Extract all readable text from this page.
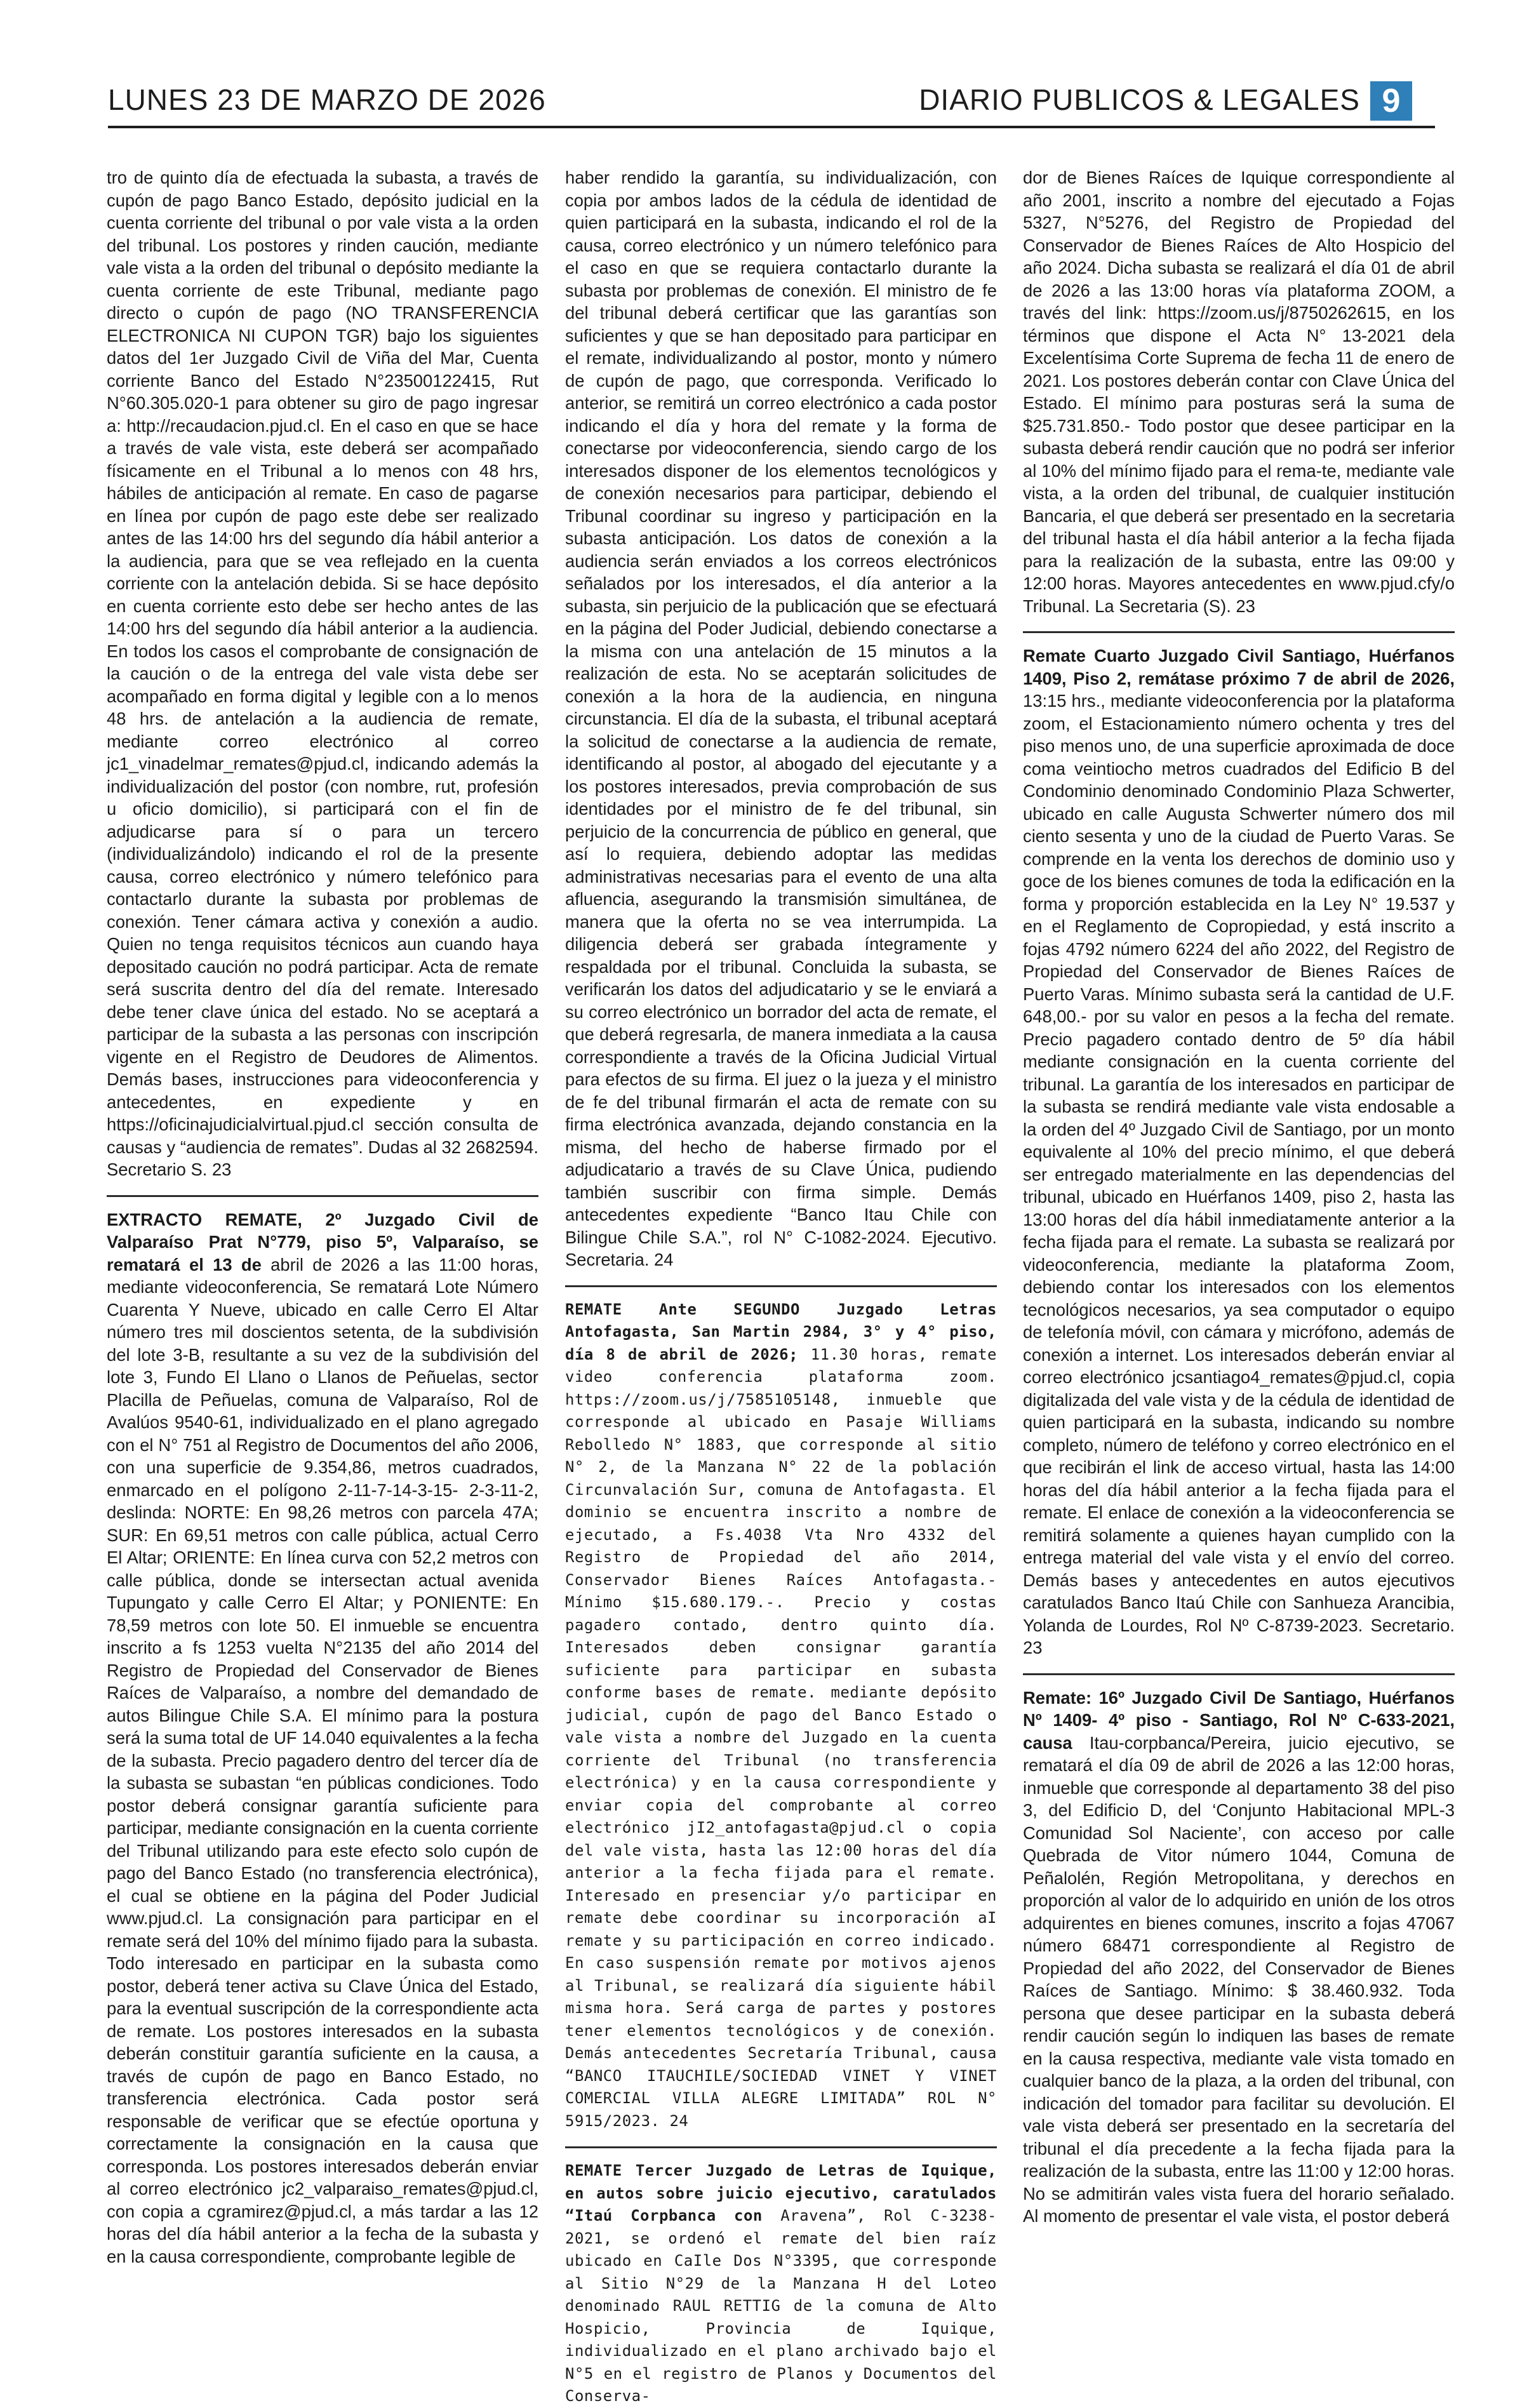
LUNES 23 DE MARZO DE 2026	DIARIO PUBLICOS & LEGALES 9

tro de quinto día de efectuada la subasta, a través de cupón de pago Banco Estado, depósito judicial en la cuenta corriente del tribunal o por vale vista a la orden del tribunal. Los postores y rinden caución, mediante vale vista a la orden del tribunal o depósito mediante la cuenta corriente de este Tribunal, mediante pago directo o cupón de pago (NO TRANSFERENCIA ELECTRONICA NI CUPON TGR) bajo los siguientes datos del 1er Juzgado Civil de Viña del Mar, Cuenta corriente Banco del Estado N°23500122415, Rut N°60.305.020-1 para obtener su giro de pago ingresar a: http://recaudacion.pjud.cl. En el caso en que se hace a través de vale vista, este deberá ser acompañado físicamente en el Tribunal a lo menos con 48 hrs, hábiles de anticipación al remate. En caso de pagarse en línea por cupón de pago este debe ser realizado antes de las 14:00 hrs del segundo día hábil anterior a la audiencia, para que se vea reflejado en la cuenta corriente con la antelación debida. Si se hace depósito en cuenta corriente esto debe ser hecho antes de las 14:00 hrs del segundo día hábil anterior a la audiencia. En todos los casos el comprobante de consignación de la caución o de la entrega del vale vista debe ser acompañado en forma digital y legible con a lo menos 48 hrs. de antelación a la audiencia de remate, mediante correo electrónico al correo jc1_vinadelmar_remates@pjud.cl, indicando además la individualización del postor (con nombre, rut, profesión u oficio domicilio), si participará con el fin de adjudicarse para sí o para un tercero (individualizándolo) indicando el rol de la presente causa, correo electrónico y número telefónico para contactarlo durante la subasta por problemas de conexión. Tener cámara activa y conexión a audio. Quien no tenga requisitos técnicos aun cuando haya depositado caución no podrá participar. Acta de remate será suscrita dentro del día del remate. Interesado debe tener clave única del estado. No se aceptará a participar de la subasta a las personas con inscripción vigente en el Registro de Deudores de Alimentos. Demás bases, instrucciones para videoconferencia y antecedentes, en expediente y en https://oficinajudicialvirtual.pjud.cl sección consulta de causas y “audiencia de remates”. Dudas al 32 2682594. Secretario S. 23

EXTRACTO REMATE, 2º Juzgado Civil de Valparaíso Prat N°779, piso 5º, Valparaíso, se rematará el 13 de abril de 2026 a las 11:00 horas, mediante videoconferencia, Se rematará Lote Número Cuarenta Y Nueve, ubicado en calle Cerro El Altar número tres mil doscientos setenta, de la subdivisión del lote 3-B, resultante a su vez de la subdivisión del lote 3, Fundo El Llano o Llanos de Peñuelas, sector Placilla de Peñuelas, comuna de Valparaíso, Rol de Avalúos 9540-61, individualizado en el plano agregado con el N° 751 al Registro de Documentos del año 2006, con una superficie de 9.354,86, metros cuadrados, enmarcado en el polígono 2-11-7-14-3-15- 2-3-11-2, deslinda: NORTE: En 98,26 metros con parcela 47A; SUR: En 69,51 metros con calle pública, actual Cerro El Altar; ORIENTE: En línea curva con 52,2 metros con calle pública, donde se intersectan actual avenida Tupungato y calle Cerro El Altar; y PONIENTE: En 78,59 metros con lote 50. El inmueble se encuentra inscrito a fs 1253 vuelta N°2135 del año 2014 del Registro de Propiedad del Conservador de Bienes Raíces de Valparaíso, a nombre del demandado de autos Bilingue Chile S.A. El mínimo para la postura será la suma total de UF 14.040 equivalentes a la fecha de la subasta. Precio pagadero dentro del tercer día de la subasta se subastan “en públicas condiciones. Todo postor deberá consignar garantía suficiente para participar, mediante consignación en la cuenta corriente del Tribunal utilizando para este efecto solo cupón de pago del Banco Estado (no transferencia electrónica), el cual se obtiene en la página del Poder Judicial www.pjud.cl. La consignación para participar en el remate será del 10% del mínimo fijado para la subasta. Todo interesado en participar en la subasta como postor, deberá tener activa su Clave Única del Estado, para la eventual suscripción de la correspondiente acta de remate. Los postores interesados en la subasta deberán constituir garantía suficiente en la causa, a través de cupón de pago en Banco Estado, no transferencia electrónica. Cada postor será responsable de verificar que se efectúe oportuna y correctamente la consignación en la causa que corresponda. Los postores interesados deberán enviar al correo electrónico jc2_valparaiso_remates@pjud.cl, con copia a cgramirez@pjud.cl, a más tardar a las 12 horas del día hábil anterior a la fecha de la subasta y en la causa correspondiente, comprobante legible de

haber rendido la garantía, su individualización, con copia por ambos lados de la cédula de identidad de quien participará en la subasta, indicando el rol de la causa, correo electrónico y un número telefónico para el caso en que se requiera contactarlo durante la subasta por problemas de conexión. El ministro de fe del tribunal deberá certificar que las garantías son suficientes y que se han depositado para participar en el remate, individualizando al postor, monto y número de cupón de pago, que corresponda. Verificado lo anterior, se remitirá un correo electrónico a cada postor indicando el día y hora del remate y la forma de conectarse por videoconferencia, siendo cargo de los interesados disponer de los elementos tecnológicos y de conexión necesarios para participar, debiendo el Tribunal coordinar su ingreso y participación en la subasta anticipación. Los datos de conexión a la audiencia serán enviados a los correos electrónicos señalados por los interesados, el día anterior a la subasta, sin perjuicio de la publicación que se efectuará en la página del Poder Judicial, debiendo conectarse a la misma con una antelación de 15 minutos a la realización de esta. No se aceptarán solicitudes de conexión a la hora de la audiencia, en ninguna circunstancia. El día de la subasta, el tribunal aceptará la solicitud de conectarse a la audiencia de remate, identificando al postor, al abogado del ejecutante y a los postores interesados, previa comprobación de sus identidades por el ministro de fe del tribunal, sin perjuicio de la concurrencia de público en general, que así lo requiera, debiendo adoptar las medidas administrativas necesarias para el evento de una alta afluencia, asegurando la transmisión simultánea, de manera que la oferta no se vea interrumpida. La diligencia deberá ser grabada íntegramente y respaldada por el tribunal. Concluida la subasta, se verificarán los datos del adjudicatario y se le enviará a su correo electrónico un borrador del acta de remate, el que deberá regresarla, de manera inmediata a la causa correspondiente a través de la Oficina Judicial Virtual para efectos de su firma. El juez o la jueza y el ministro de fe del tribunal firmarán el acta de remate con su firma electrónica avanzada, dejando constancia en la misma, del hecho de haberse firmado por el adjudicatario a través de su Clave Única, pudiendo también suscribir con firma simple. Demás antecedentes expediente “Banco Itau Chile con Bilingue Chile S.A.”, rol N° C-1082-2024. Ejecutivo. Secretaria. 24

REMATE Ante SEGUNDO Juzgado Letras Antofagasta, San Martin 2984, 3° y 4° piso, día 8 de abril de 2026; 11.30 horas, remate video conferencia plataforma zoom. https://zoom.us/j/7585105148, inmueble que corresponde al ubicado en Pasaje Williams Rebolledo N° 1883, que corresponde al sitio N° 2, de la Manzana N° 22 de la población Circunvalación Sur, comuna de Antofagasta. El dominio se encuentra inscrito a nombre de ejecutado, a Fs.4038 Vta Nro 4332 del Registro de Propiedad del año 2014, Conservador Bienes Raíces Antofagasta.- Mínimo $15.680.179.-. Precio y costas pagadero contado, dentro quinto día. Interesados deben consignar garantía suficiente para participar en subasta conforme bases de remate. mediante depósito judicial, cupón de pago del Banco Estado o vale vista a nombre del Juzgado en la cuenta corriente del Tribunal (no transferencia electrónica) y en la causa correspondiente y enviar copia del comprobante al correo electrónico jI2_antofagasta@pjud.cl o copia del vale vista, hasta las 12:00 horas del día anterior a la fecha fijada para el remate. Interesado en presenciar y/o participar en remate debe coordinar su incorporación aI remate y su participación en correo indicado. En caso suspensión remate por motivos ajenos al Tribunal, se realizará día siguiente hábil misma hora. Será carga de partes y postores tener elementos tecnológicos y de conexión. Demás antecedentes Secretaría Tribunal, causa “BANCO ITAUCHILE/SOCIEDAD VINET Y VINET COMERCIAL VILLA ALEGRE LIMITADA” ROL N° 5915/2023. 24

REMATE Tercer Juzgado de Letras de Iquique, en autos sobre juicio ejecutivo, caratulados “Itaú Corpbanca con Aravena”, Rol C-3238-2021, se ordenó el remate del bien raíz ubicado en CaIle Dos N°3395, que corresponde al Sitio N°29 de la Manzana H del Loteo denominado RAUL RETTIG de la comuna de Alto Hospicio, Provincia de Iquique, individualizado en el plano archivado bajo el N°5 en el registro de Planos y Documentos del Conserva-

dor de Bienes Raíces de Iquique correspondiente al año 2001, inscrito a nombre del ejecutado a Fojas 5327, N°5276, del Registro de Propiedad del Conservador de Bienes Raíces de Alto Hospicio del año 2024. Dicha subasta se realizará el día 01 de abril de 2026 a las 13:00 horas vía plataforma ZOOM, a través del link: https://zoom.us/j/8750262615, en los términos que dispone el Acta N° 13-2021 dela Excelentísima Corte Suprema de fecha 11 de enero de 2021. Los postores deberán contar con Clave Única del Estado. El mínimo para posturas será la suma de $25.731.850.- Todo postor que desee participar en la subasta deberá rendir caución que no podrá ser inferior al 10% del mínimo fijado para el rema-te, mediante vale vista, a la orden del tribunal, de cualquier institución Bancaria, el que deberá ser presentado en la secretaria del tribunal hasta el día hábil anterior a la fecha fijada para la realización de la subasta, entre las 09:00 y 12:00 horas. Mayores antecedentes en www.pjud.cfy/o Tribunal. La Secretaria (S). 23

Remate Cuarto Juzgado Civil Santiago, Huérfanos 1409, Piso 2, remátase próximo 7 de abril de 2026, 13:15 hrs., mediante videoconferencia por la plataforma zoom, el Estacionamiento número ochenta y tres del piso menos uno, de una superficie aproximada de doce coma veintiocho metros cuadrados del Edificio B del Condominio denominado Condominio Plaza Schwerter, ubicado en calle Augusta Schwerter número dos mil ciento sesenta y uno de la ciudad de Puerto Varas. Se comprende en la venta los derechos de dominio uso y goce de los bienes comunes de toda la edificación en la forma y proporción establecida en la Ley N° 19.537 y en el Reglamento de Copropiedad, y está inscrito a fojas 4792 número 6224 del año 2022, del Registro de Propiedad del Conservador de Bienes Raíces de Puerto Varas. Mínimo subasta será la cantidad de U.F. 648,00.- por su valor en pesos a la fecha del remate. Precio pagadero contado dentro de 5º día hábil mediante consignación en la cuenta corriente del tribunal. La garantía de los interesados en participar de la subasta se rendirá mediante vale vista endosable a la orden del 4º Juzgado Civil de Santiago, por un monto equivalente al 10% del precio mínimo, el que deberá ser entregado materialmente en las dependencias del tribunal, ubicado en Huérfanos 1409, piso 2, hasta las 13:00 horas del día hábil inmediatamente anterior a la fecha fijada para el remate. La subasta se realizará por videoconferencia, mediante la plataforma Zoom, debiendo contar los interesados con los elementos tecnológicos necesarios, ya sea computador o equipo de telefonía móvil, con cámara y micrófono, además de conexión a internet. Los interesados deberán enviar al correo electrónico jcsantiago4_remates@pjud.cl, copia digitalizada del vale vista y de la cédula de identidad de quien participará en la subasta, indicando su nombre completo, número de teléfono y correo electrónico en el que recibirán el link de acceso virtual, hasta las 14:00 horas del día hábil anterior a la fecha fijada para el remate. El enlace de conexión a la videoconferencia se remitirá solamente a quienes hayan cumplido con la entrega material del vale vista y el envío del correo. Demás bases y antecedentes en autos ejecutivos caratulados Banco Itaú Chile con Sanhueza Arancibia, Yolanda de Lourdes, Rol Nº C-8739-2023. Secretario. 23

Remate: 16º Juzgado Civil De Santiago, Huérfanos Nº 1409- 4º piso - Santiago, Rol Nº C-633-2021, causa Itau-corpbanca/Pereira, juicio ejecutivo, se rematará el día 09 de abril de 2026 a las 12:00 horas, inmueble que corresponde al departamento 38 del piso 3, del Edificio D, del ‘Conjunto Habitacional MPL-3 Comunidad Sol Naciente’, con acceso por calle Quebrada de Vitor número 1044, Comuna de Peñalolén, Región Metropolitana, y derechos en proporción al valor de lo adquirido en unión de los otros adquirentes en bienes comunes, inscrito a fojas 47067 número 68471 correspondiente al Registro de Propiedad del año 2022, del Conservador de Bienes Raíces de Santiago. Mínimo: $ 38.460.932. Toda persona que desee participar en la subasta deberá rendir caución según lo indiquen las bases de remate en la causa respectiva, mediante vale vista tomado en cualquier banco de la plaza, a la orden del tribunal, con indicación del tomador para facilitar su devolución. El vale vista deberá ser presentado en la secretaría del tribunal el día precedente a la fecha fijada para la realización de la subasta, entre las 11:00 y 12:00 horas. No se admitirán vales vista fuera del horario señalado. Al momento de presentar el vale vista, el postor deberá
